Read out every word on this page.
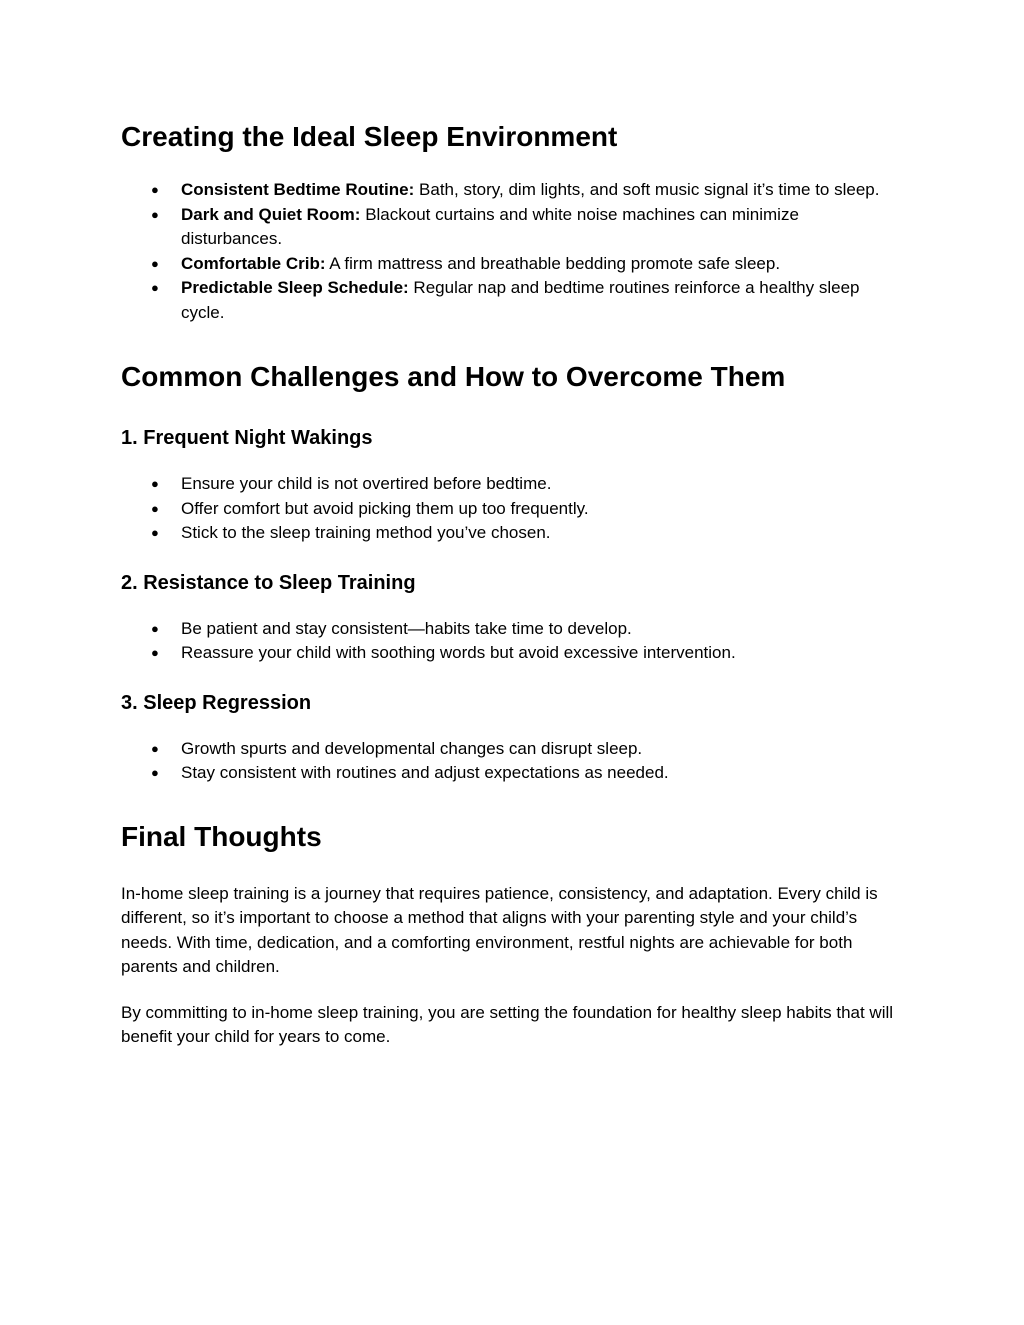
Creating the Ideal Sleep Environment
● Consistent Bedtime Routine: Bath, story, dim lights, and soft music signal it’s time to sleep.
● Dark and Quiet Room: Blackout curtains and white noise machines can minimize disturbances.
● Comfortable Crib: A firm mattress and breathable bedding promote safe sleep.
● Predictable Sleep Schedule: Regular nap and bedtime routines reinforce a healthy sleep cycle.
Common Challenges and How to Overcome Them
1. Frequent Night Wakings
● Ensure your child is not overtired before bedtime.
● Offer comfort but avoid picking them up too frequently.
● Stick to the sleep training method you’ve chosen.
2. Resistance to Sleep Training
● Be patient and stay consistent—habits take time to develop.
● Reassure your child with soothing words but avoid excessive intervention.
3. Sleep Regression
● Growth spurts and developmental changes can disrupt sleep.
● Stay consistent with routines and adjust expectations as needed.
Final Thoughts

In-home sleep training is a journey that requires patience, consistency, and adaptation. Every child is different, so it’s important to choose a method that aligns with your parenting style and your child’s needs. With time, dedication, and a comforting environment, restful nights are achievable for both parents and children.

By committing to in-home sleep training, you are setting the foundation for healthy sleep habits that will benefit your child for years to come.
